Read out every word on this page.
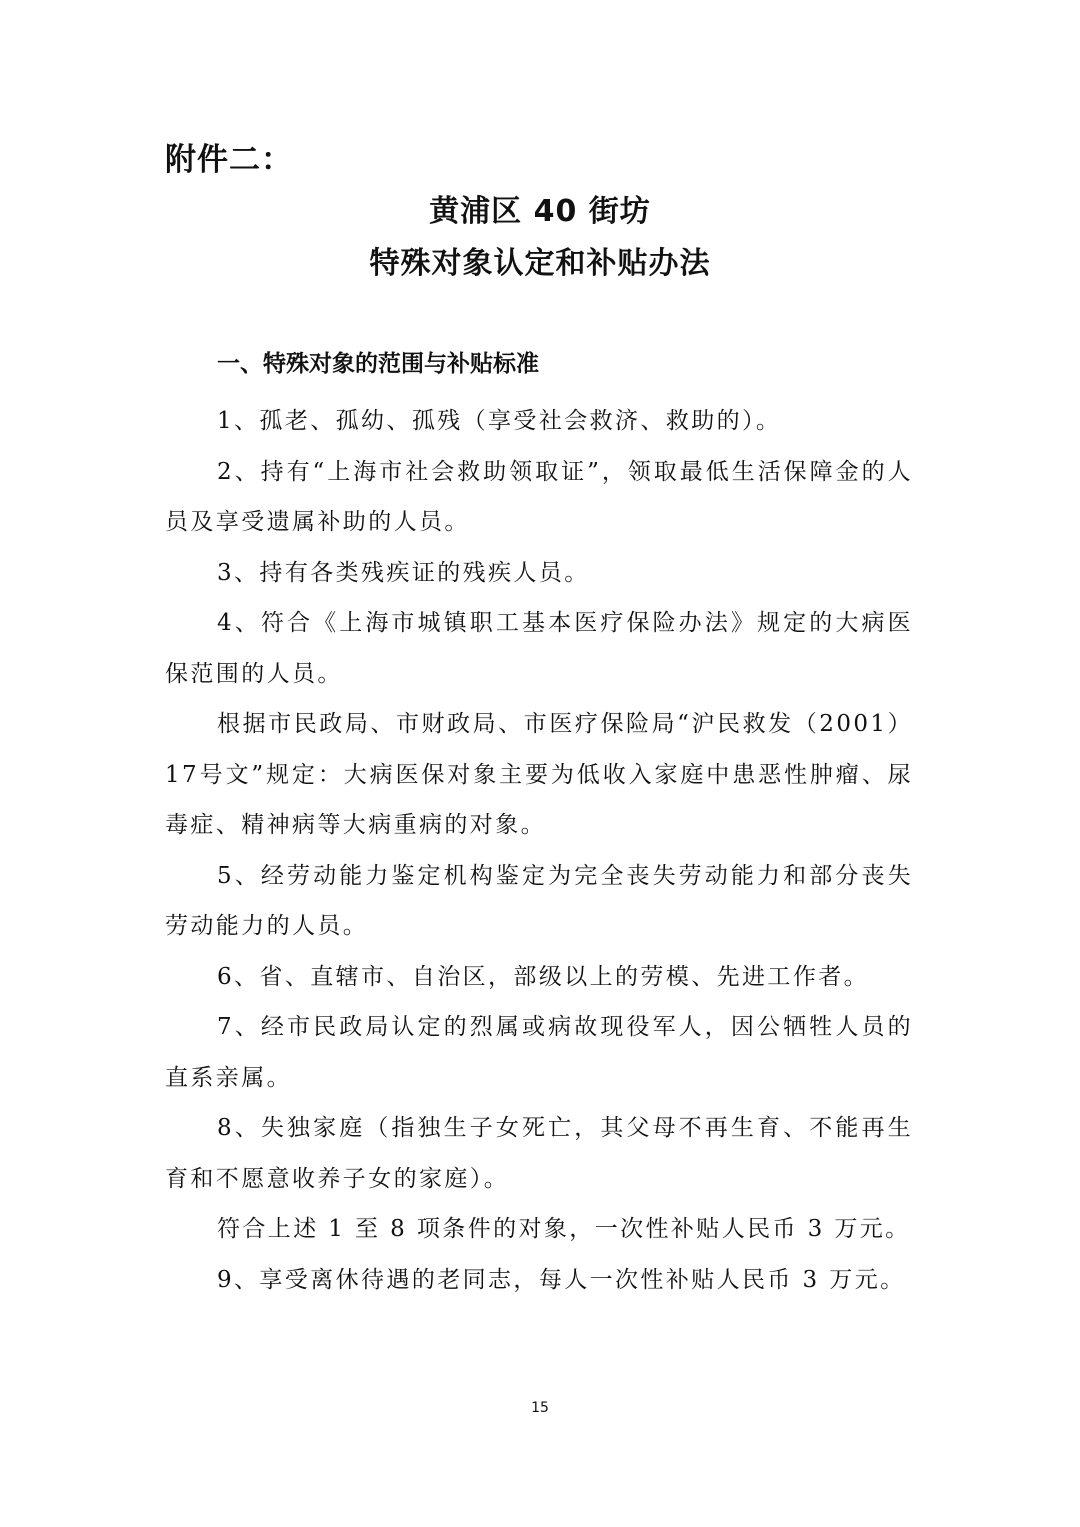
附件二：
黄浦区 40 街坊
特殊对象认定和补贴办法
一、特殊对象的范围与补贴标准

1、孤老、孤幼、孤残（享受社会救济、救助的）。

2、持有“上海市社会救助领取证”，领取最低生活保障金的人员及享受遗属补助的人员。

3、持有各类残疾证的残疾人员。

4、符合《上海市城镇职工基本医疗保险办法》规定的大病医保范围的人员。

根据市民政局、市财政局、市医疗保险局“沪民救发（2001）17号文”规定：大病医保对象主要为低收入家庭中患恶性肿瘤、尿毒症、精神病等大病重病的对象。

5、经劳动能力鉴定机构鉴定为完全丧失劳动能力和部分丧失劳动能力的人员。

6、省、直辖市、自治区，部级以上的劳模、先进工作者。

7、经市民政局认定的烈属或病故现役军人，因公牺牲人员的直系亲属。

8、失独家庭（指独生子女死亡，其父母不再生育、不能再生育和不愿意收养子女的家庭）。

符合上述 1 至 8 项条件的对象，一次性补贴人民币 3 万元。

9、享受离休待遇的老同志，每人一次性补贴人民币 3 万元。

15
